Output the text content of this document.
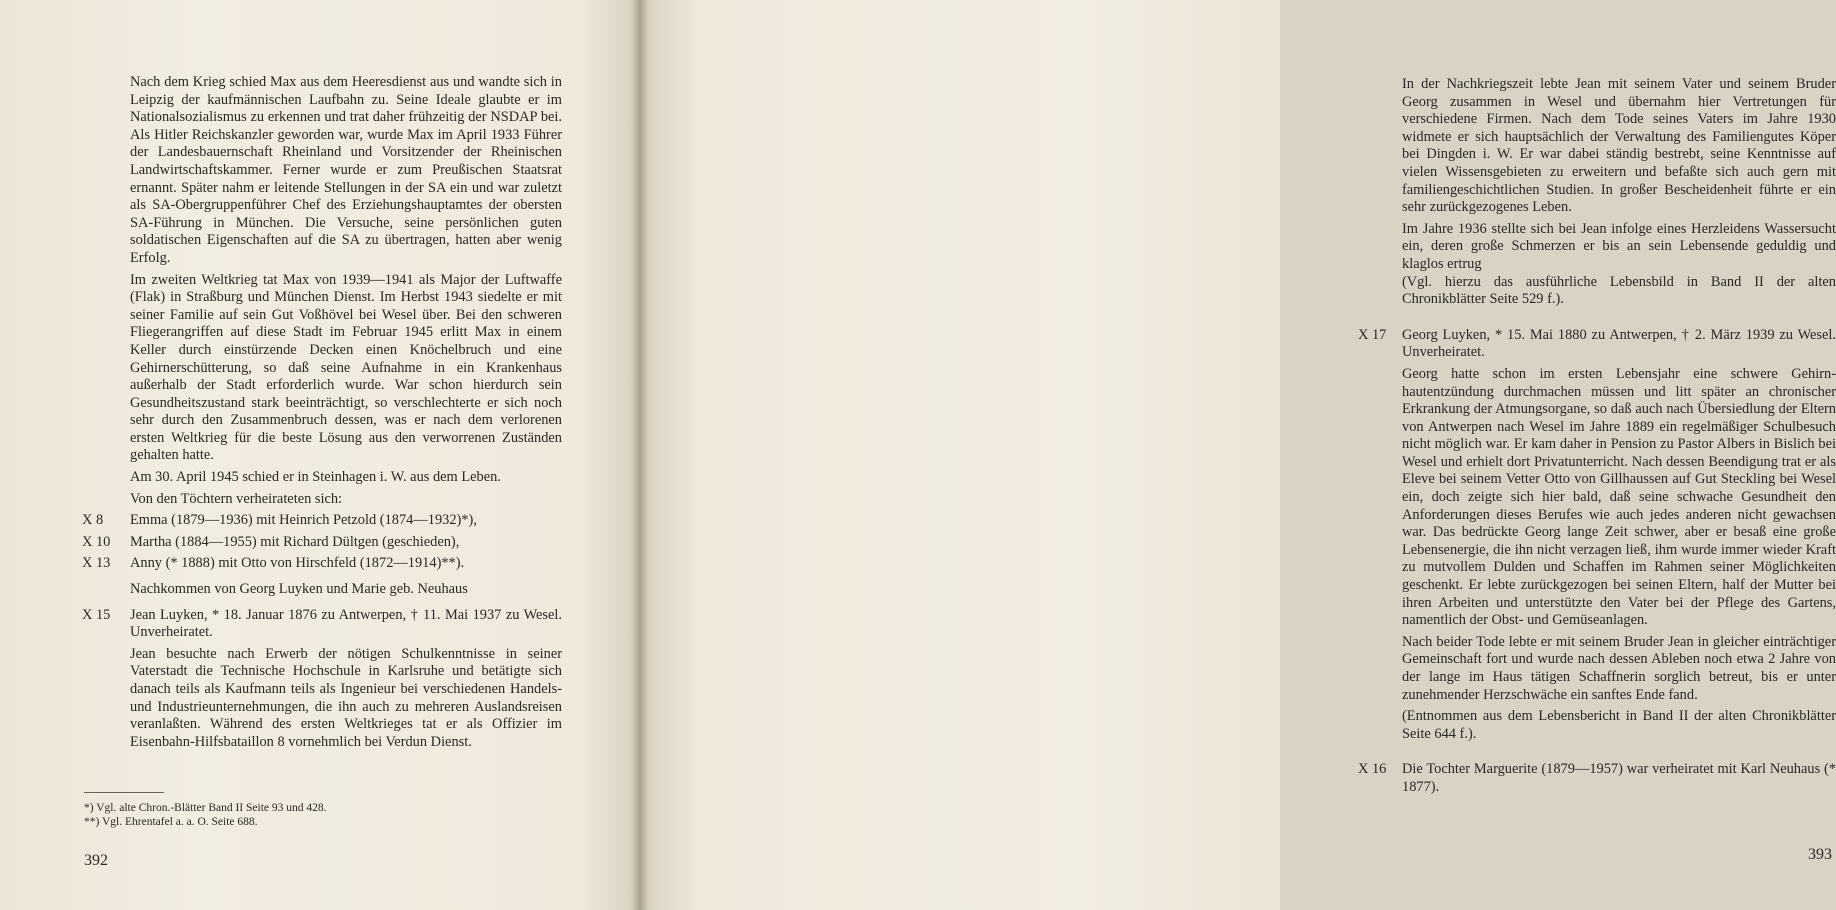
Nach dem Krieg schied Max aus dem Heeresdienst aus und wandte sich in Leipzig der kaufmännischen Laufbahn zu. Seine Ideale glaubte er im Nationalsozialismus zu erkennen und trat daher frühzeitig der NSDAP bei. Als Hitler Reichskanzler geworden war, wurde Max im April 1933 Führer der Landesbauernschaft Rheinland und Vorsitzender der Rheinischen Landwirtschaftskammer. Ferner wurde er zum Preußischen Staatsrat ernannt. Später nahm er leitende Stellungen in der SA ein und war zuletzt als SA-Obergruppenführer Chef des Erziehungshauptamtes der obersten SA-Führung in München. Die Versuche, seine persönlichen guten soldatischen Eigenschaften auf die SA zu übertragen, hatten aber wenig Erfolg.

Im zweiten Weltkrieg tat Max von 1939—1941 als Major der Luftwaffe (Flak) in Straßburg und München Dienst. Im Herbst 1943 siedelte er mit seiner Familie auf sein Gut Voßhövel bei Wesel über. Bei den schweren Fliegerangriffen auf diese Stadt im Februar 1945 erlitt Max in einem Keller durch einstürzende Decken einen Knöchelbruch und eine Gehirnerschütterung, so daß seine Aufnahme in ein Krankenhaus außerhalb der Stadt erforderlich wurde. War schon hierdurch sein Gesundheitszustand stark beeinträchtigt, so verschlechterte er sich noch sehr durch den Zusammenbruch dessen, was er nach dem verlorenen ersten Weltkrieg für die beste Lösung aus den verworrenen Zuständen gehalten hatte.

Am 30. April 1945 schied er in Steinhagen i. W. aus dem Leben.

Von den Töchtern verheirateten sich:

X 8 Emma (1879—1936) mit Heinrich Petzold (1874—1932)*),

X 10 Martha (1884—1955) mit Richard Dültgen (geschieden),

X 13 Anny (* 1888) mit Otto von Hirschfeld (1872—1914)**).

Nachkommen von Georg Luyken und Marie geb. Neuhaus

X 15 Jean Luyken, * 18. Januar 1876 zu Antwerpen, † 11. Mai 1937 zu Wesel. Unverheiratet.

Jean besuchte nach Erwerb der nötigen Schulkenntnisse in seiner Vaterstadt die Technische Hochschule in Karlsruhe und betätigte sich danach teils als Kaufmann teils als Ingenieur bei verschiedenen Handels- und Industrieunternehmungen, die ihn auch zu mehreren Auslandsreisen veranlaßten. Während des ersten Weltkrieges tat er als Offizier im Eisenbahn-Hilfsbataillon 8 vornehmlich bei Verdun Dienst.

*) Vgl. alte Chron.-Blätter Band II Seite 93 und 428.

**) Vgl. Ehrentafel a. a. O. Seite 688.

392

In der Nachkriegszeit lebte Jean mit seinem Vater und seinem Bruder Georg zusammen in Wesel und übernahm hier Vertretungen für verschiedene Firmen. Nach dem Tode seines Vaters im Jahre 1930 widmete er sich hauptsächlich der Verwaltung des Familiengutes Köper bei Dingden i. W. Er war dabei ständig bestrebt, seine Kenntnisse auf vielen Wissensgebieten zu erweitern und befaßte sich auch gern mit familiengeschichtlichen Studien. In großer Bescheidenheit führte er ein sehr zurückgezogenes Leben.

Im Jahre 1936 stellte sich bei Jean infolge eines Herzleidens Wassersucht ein, deren große Schmerzen er bis an sein Lebensende geduldig und klaglos ertrug

(Vgl. hierzu das ausführliche Lebensbild in Band II der alten Chronikblätter Seite 529 f.).

X 17 Georg Luyken, * 15. Mai 1880 zu Antwerpen, † 2. März 1939 zu Wesel. Unverheiratet.

Georg hatte schon im ersten Lebensjahr eine schwere Gehirnhautentzündung durchmachen müssen und litt später an chronischer Erkrankung der Atmungsorgane, so daß auch nach Übersiedlung der Eltern von Antwerpen nach Wesel im Jahre 1889 ein regelmäßiger Schulbesuch nicht möglich war. Er kam daher in Pension zu Pastor Albers in Bislich bei Wesel und erhielt dort Privatunterricht. Nach dessen Beendigung trat er als Eleve bei seinem Vetter Otto von Gillhaussen auf Gut Steckling bei Wesel ein, doch zeigte sich hier bald, daß seine schwache Gesundheit den Anforderungen dieses Berufes wie auch jedes anderen nicht gewachsen war. Das bedrückte Georg lange Zeit schwer, aber er besaß eine große Lebensenergie, die ihn nicht verzagen ließ, ihm wurde immer wieder Kraft zu mutvollem Dulden und Schaffen im Rahmen seiner Möglichkeiten geschenkt. Er lebte zurückgezogen bei seinen Eltern, half der Mutter bei ihren Arbeiten und unterstützte den Vater bei der Pflege des Gartens, namentlich der Obst- und Gemüseanlagen.

Nach beider Tode lebte er mit seinem Bruder Jean in gleicher einträchtiger Gemeinschaft fort und wurde nach dessen Ableben noch etwa 2 Jahre von der lange im Haus tätigen Schaffnerin sorglich betreut, bis er unter zunehmender Herzschwäche ein sanftes Ende fand.

(Entnommen aus dem Lebensbericht in Band II der alten Chronikblätter Seite 644 f.).

X 16 Die Tochter Marguerite (1879—1957) war verheiratet mit Karl Neuhaus (* 1877).

393
